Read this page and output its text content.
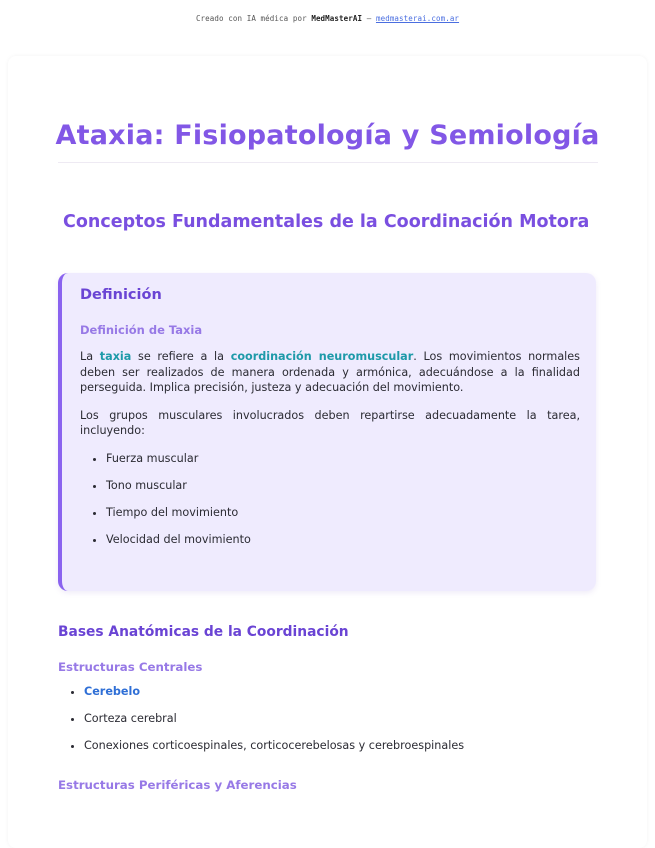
Creado con IA médica por MedMasterAI – medmasterai.com.ar
Ataxia: Fisiopatología y Semiología
Conceptos Fundamentales de la Coordinación Motora
Definición
Definición de Taxia

La taxia se refiere a la coordinación neuromuscular. Los movimientos normales deben ser realizados de manera ordenada y armónica, adecuándose a la finalidad perseguida. Implica precisión, justeza y adecuación del movimiento.

Los grupos musculares involucrados deben repartirse adecuadamente la tarea, incluyendo:

• Fuerza muscular
• Tono muscular
• Tiempo del movimiento
• Velocidad del movimiento
Bases Anatómicas de la Coordinación
Estructuras Centrales
• Cerebelo
• Corteza cerebral
• Conexiones corticoespinales, corticocerebelosas y cerebroespinales
Estructuras Periféricas y Aferencias
